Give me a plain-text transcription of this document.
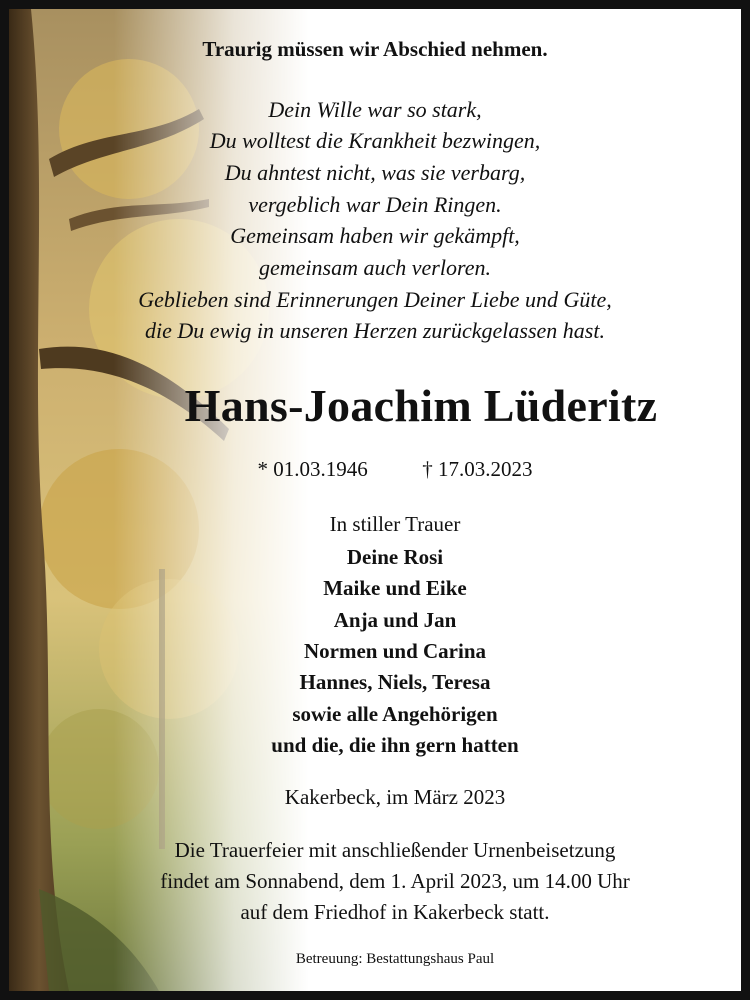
Traurig müssen wir Abschied nehmen.
Dein Wille war so stark,
Du wolltest die Krankheit bezwingen,
Du ahntest nicht, was sie verbarg,
vergeblich war Dein Ringen.
Gemeinsam haben wir gekämpft,
gemeinsam auch verloren.
Geblieben sind Erinnerungen Deiner Liebe und Güte,
die Du ewig in unseren Herzen zurückgelassen hast.
Hans-Joachim Lüderitz
* 01.03.1946	† 17.03.2023
In stiller Trauer
Deine Rosi
Maike und Eike
Anja und Jan
Normen und Carina
Hannes, Niels, Teresa
sowie alle Angehörigen
und die, die ihn gern hatten
Kakerbeck, im März 2023
Die Trauerfeier mit anschließender Urnenbeisetzung
findet am Sonnabend, dem 1. April 2023, um 14.00 Uhr
auf dem Friedhof in Kakerbeck statt.
Betreuung: Bestattungshaus Paul
